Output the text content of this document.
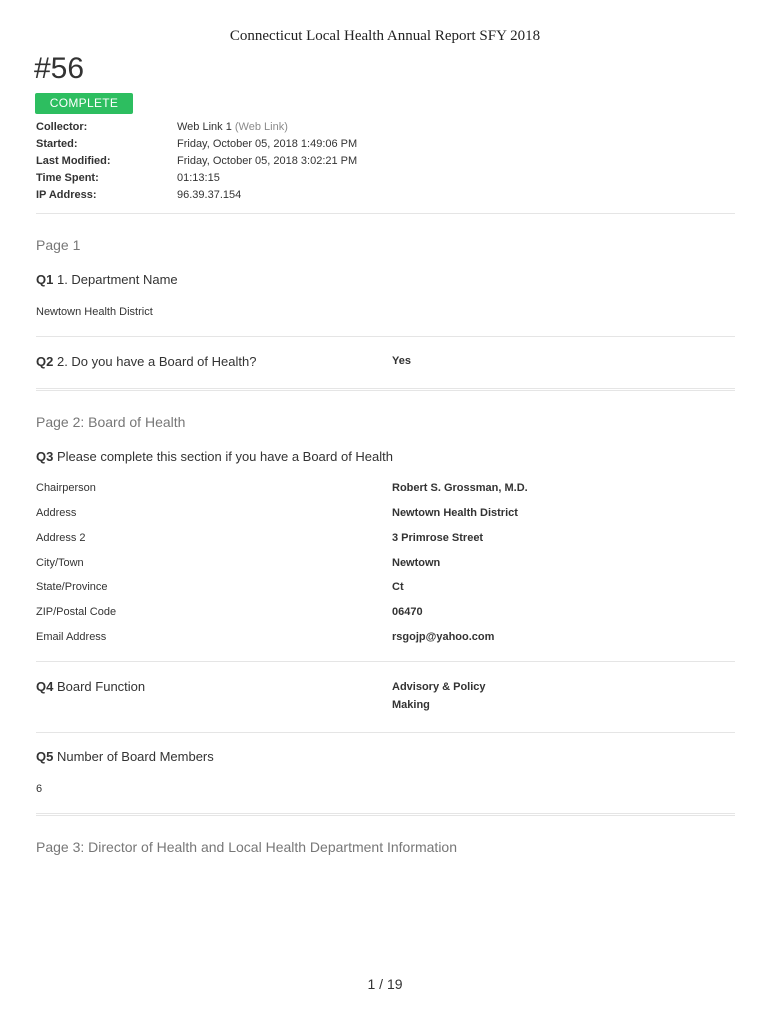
Connecticut Local Health Annual Report SFY 2018
#56
COMPLETE
Collector:	Web Link 1 (Web Link)
Started:	Friday, October 05, 2018 1:49:06 PM
Last Modified:	Friday, October 05, 2018 3:02:21 PM
Time Spent:	01:13:15
IP Address:	96.39.37.154
Page 1
Q1 1. Department Name
Newtown Health District
Q2 2. Do you have a Board of Health?	Yes
Page 2: Board of Health
Q3 Please complete this section if you have a Board of Health
Chairperson	Robert S. Grossman, M.D.
Address	Newtown Health District
Address 2	3 Primrose Street
City/Town	Newtown
State/Province	Ct
ZIP/Postal Code	06470
Email Address	rsgojp@yahoo.com
Q4 Board Function	Advisory & Policy
Making
Q5 Number of Board Members
6
Page 3: Director of Health and Local Health Department Information
1 / 19
